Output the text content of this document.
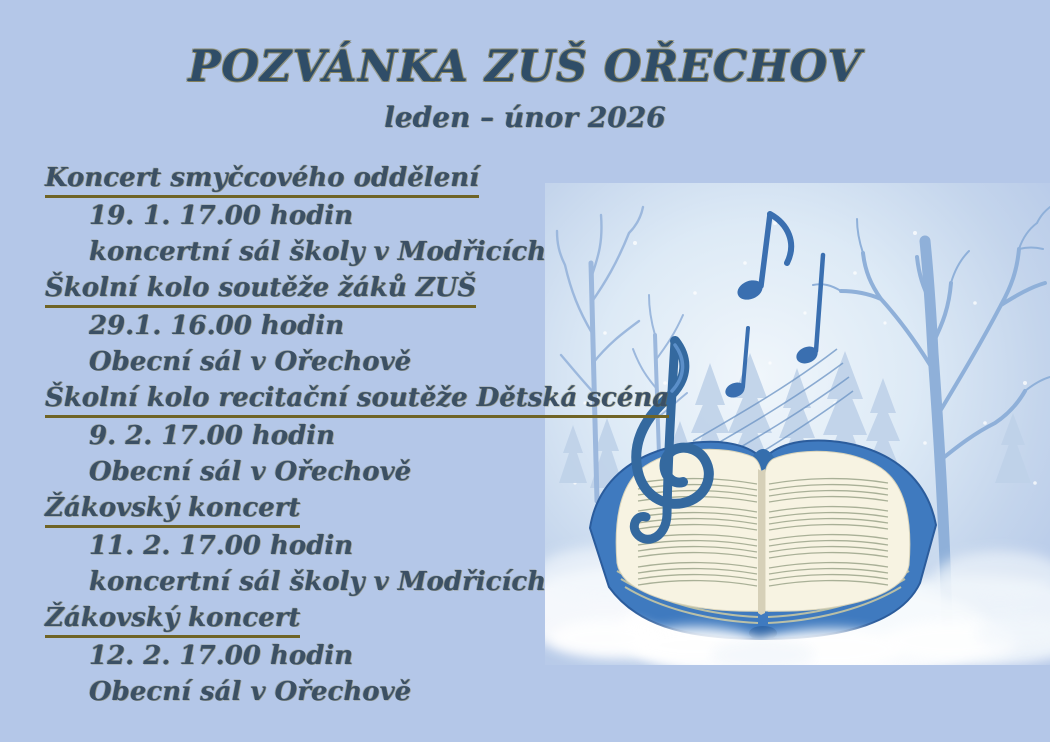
POZVÁNKA ZUŠ OŘECHOV
leden – únor 2026
Koncert smyčcového oddělení
19. 1. 17.00 hodin
koncertní sál školy v Modřicích
Školní kolo soutěže žáků ZUŠ
29.1. 16.00 hodin
Obecní sál v Ořechově
Školní kolo recitační soutěže Dětská scéna
9. 2. 17.00 hodin
Obecní sál v Ořechově
Žákovský koncert
11. 2. 17.00 hodin
koncertní sál školy v Modřicích
Žákovský koncert
12. 2. 17.00 hodin
Obecní sál v Ořechově
